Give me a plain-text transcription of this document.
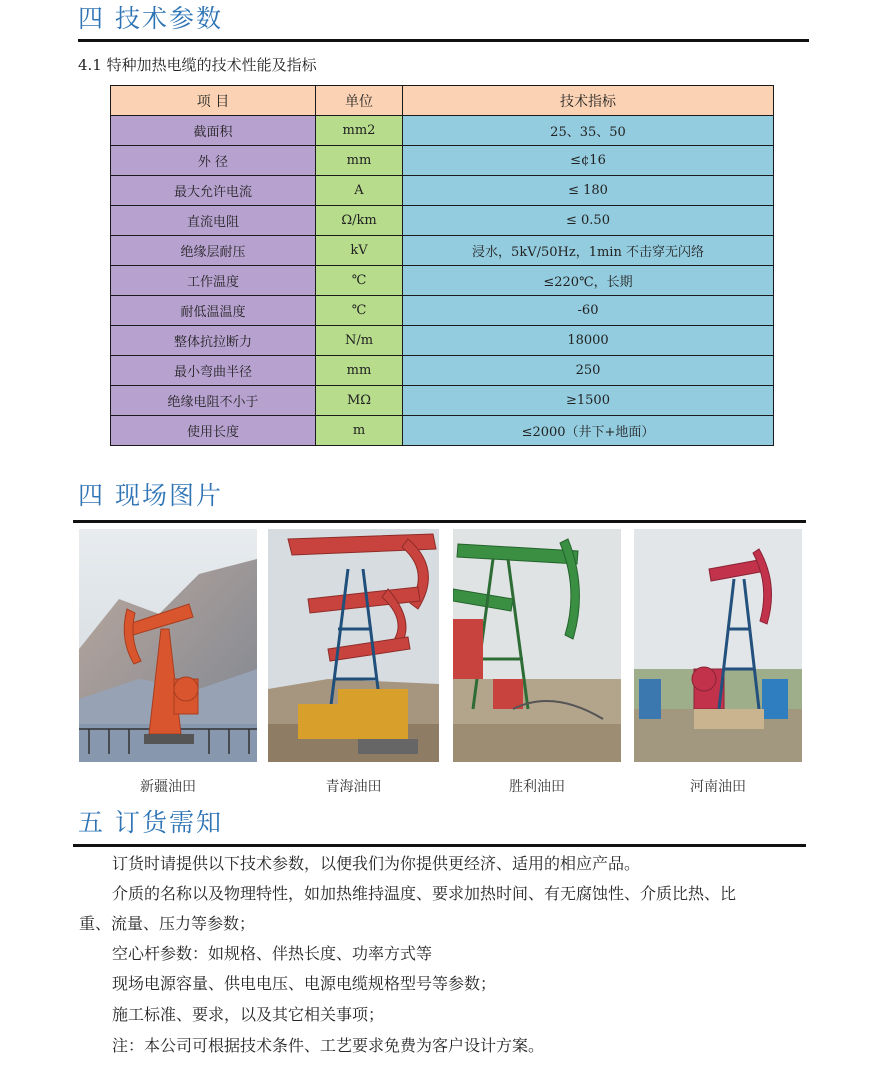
四 技术参数
4.1 特种加热电缆的技术性能及指标
项 目	单位	技术指标
截面积	mm2	25、35、50
外 径	mm	≤¢16
最大允许电流	A	≤ 180
直流电阻	Ω/km	≤ 0.50
绝缘层耐压	kV	浸水，5kV/50Hz，1min 不击穿无闪络
工作温度	℃	≤220℃，长期
耐低温温度	℃	-60
整体抗拉断力	N/m	18000
最小弯曲半径	mm	250
绝缘电阻不小于	MΩ	≥1500
使用长度	m	≤2000（井下+地面）
四 现场图片
新疆油田	青海油田	胜利油田	河南油田
五 订货需知
订货时请提供以下技术参数，以便我们为你提供更经济、适用的相应产品。
介质的名称以及物理特性，如加热维持温度、要求加热时间、有无腐蚀性、介质比热、比
重、流量、压力等参数；
空心杆参数：如规格、伴热长度、功率方式等
现场电源容量、供电电压、电源电缆规格型号等参数；
施工标准、要求，以及其它相关事项；
注：本公司可根据技术条件、工艺要求免费为客户设计方案。
